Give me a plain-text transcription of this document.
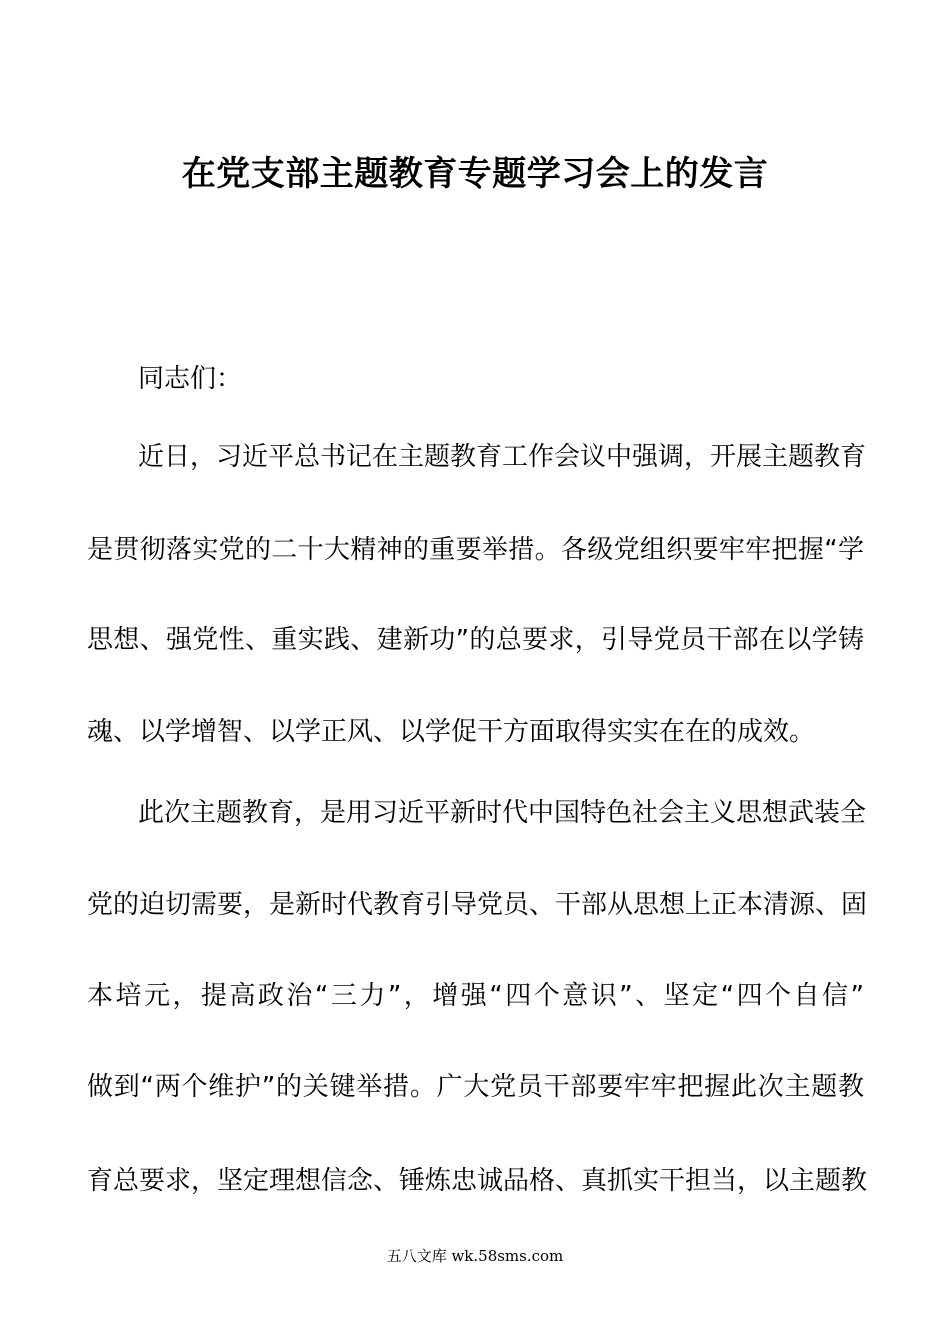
在党支部主题教育专题学习会上的发言
同志们：
近日，习近平总书记在主题教育工作会议中强调，开展主题教育
是贯彻落实党的二十大精神的重要举措。各级党组织要牢牢把握“学
思想、强党性、重实践、建新功”的总要求，引导党员干部在以学铸
魂、以学增智、以学正风、以学促干方面取得实实在在的成效。
此次主题教育，是用习近平新时代中国特色社会主义思想武装全
党的迫切需要，是新时代教育引导党员、干部从思想上正本清源、固
本培元，提高政治“三力”，增强“四个意识”、坚定“四个自信”
做到“两个维护”的关键举措。广大党员干部要牢牢把握此次主题教
育总要求，坚定理想信念、锤炼忠诚品格、真抓实干担当，以主题教
五八文库 wk.58sms.com
